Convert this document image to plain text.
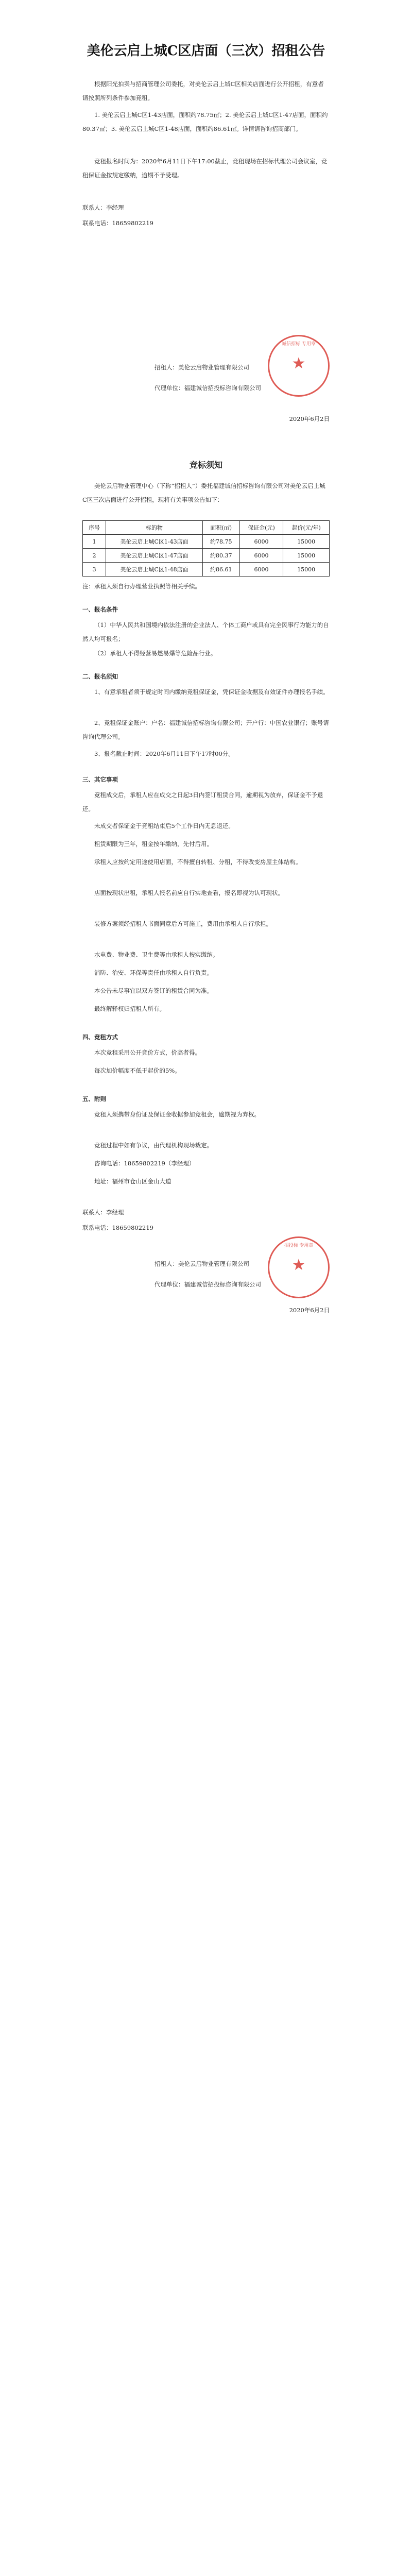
美伦云启上城C区店面（三次）招租公告

根据阳光拍卖与招商管理公司委托，对美伦云启上城C区相关店面进行公开招租，有意者请按照所列条件参加竞租。

1. 美伦云启上城C区1-43店面，面积约78.75㎡；2. 美伦云启上城C区1-47店面，面积约80.37㎡；3. 美伦云启上城C区1-48店面，面积约86.61㎡。详情请咨询招商部门。

竞租报名时间为：2020年6月11日下午17:00截止，竞租现场在招标代理公司会议室，竞租保证金按规定缴纳，逾期不予受理。

联系人：李经理

联系电话：18659802219

招租人：美伦云启物业管理有限公司

代理单位：福建诚信招投标咨询有限公司

2020年6月2日

诚信招标 专用章
★
竞标须知

美伦云启物业管理中心（下称“招租人”）委托福建诚信招标咨询有限公司对美伦云启上城C区三次店面进行公开招租，现将有关事项公告如下：

序号	标的物	面积(㎡)	保证金(元)	起价(元/年)
1	美伦云启上城C区1-43店面	约78.75	6000	15000
2	美伦云启上城C区1-47店面	约80.37	6000	15000
3	美伦云启上城C区1-48店面	约86.61	6000	15000

注：承租人须自行办理营业执照等相关手续。

一、报名条件

（1）中华人民共和国境内依法注册的企业法人、个体工商户或具有完全民事行为能力的自然人均可报名；

（2）承租人不得经营易燃易爆等危险品行业。

二、报名须知

1、有意承租者须于规定时间内缴纳竞租保证金，凭保证金收据及有效证件办理报名手续。

2、竞租保证金账户：户名：福建诚信招标咨询有限公司；开户行：中国农业银行；账号请咨询代理公司。

3、报名截止时间：2020年6月11日下午17时00分。

三、其它事项

竞租成交后，承租人应在成交之日起3日内签订租赁合同，逾期视为放弃，保证金不予退还。

未成交者保证金于竞租结束后5个工作日内无息退还。

租赁期限为三年，租金按年缴纳，先付后用。

承租人应按约定用途使用店面，不得擅自转租、分租，不得改变房屋主体结构。

店面按现状出租，承租人报名前应自行实地查看，报名即视为认可现状。

装修方案须经招租人书面同意后方可施工，费用由承租人自行承担。

水电费、物业费、卫生费等由承租人按实缴纳。

消防、治安、环保等责任由承租人自行负责。

本公告未尽事宜以双方签订的租赁合同为准。

最终解释权归招租人所有。

四、竞租方式

本次竞租采用公开竞价方式，价高者得。

每次加价幅度不低于起价的5%。

五、附则

竞租人须携带身份证及保证金收据参加竞租会，逾期视为弃权。

竞租过程中如有争议，由代理机构现场裁定。

咨询电话：18659802219（李经理）

地址：福州市仓山区金山大道

联系人：李经理

联系电话：18659802219

招租人：美伦云启物业管理有限公司

代理单位：福建诚信招投标咨询有限公司

2020年6月2日

招投标 专用章
★
